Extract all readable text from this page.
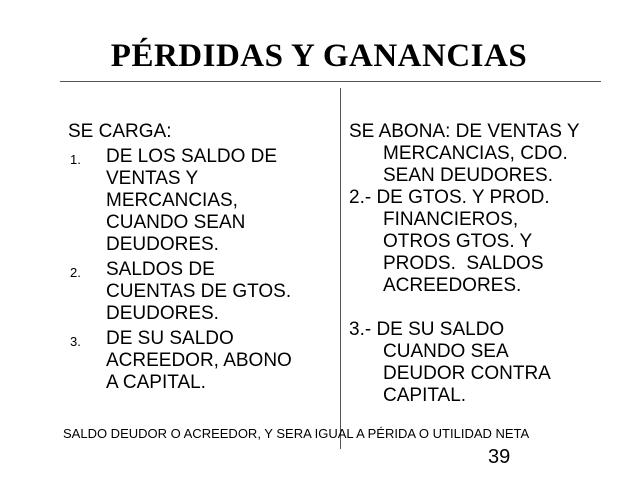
PÉRDIDAS Y GANANCIAS
SE CARGA:
1. DE LOS SALDO DE
VENTAS Y
MERCANCIAS,
CUANDO SEAN
DEUDORES.
2. SALDOS DE
CUENTAS DE GTOS.
DEUDORES.
3. DE SU SALDO
ACREEDOR, ABONO
A CAPITAL.
SE ABONA: DE VENTAS Y
MERCANCIAS, CDO.
SEAN DEUDORES.
2.- DE GTOS. Y PROD.
FINANCIEROS,
OTROS GTOS. Y
PRODS.  SALDOS
ACREEDORES.
3.- DE SU SALDO
CUANDO SEA
DEUDOR CONTRA
CAPITAL.
SALDO DEUDOR O ACREEDOR, Y SERA IGUAL A PÉRIDA O UTILIDAD NETA
39
